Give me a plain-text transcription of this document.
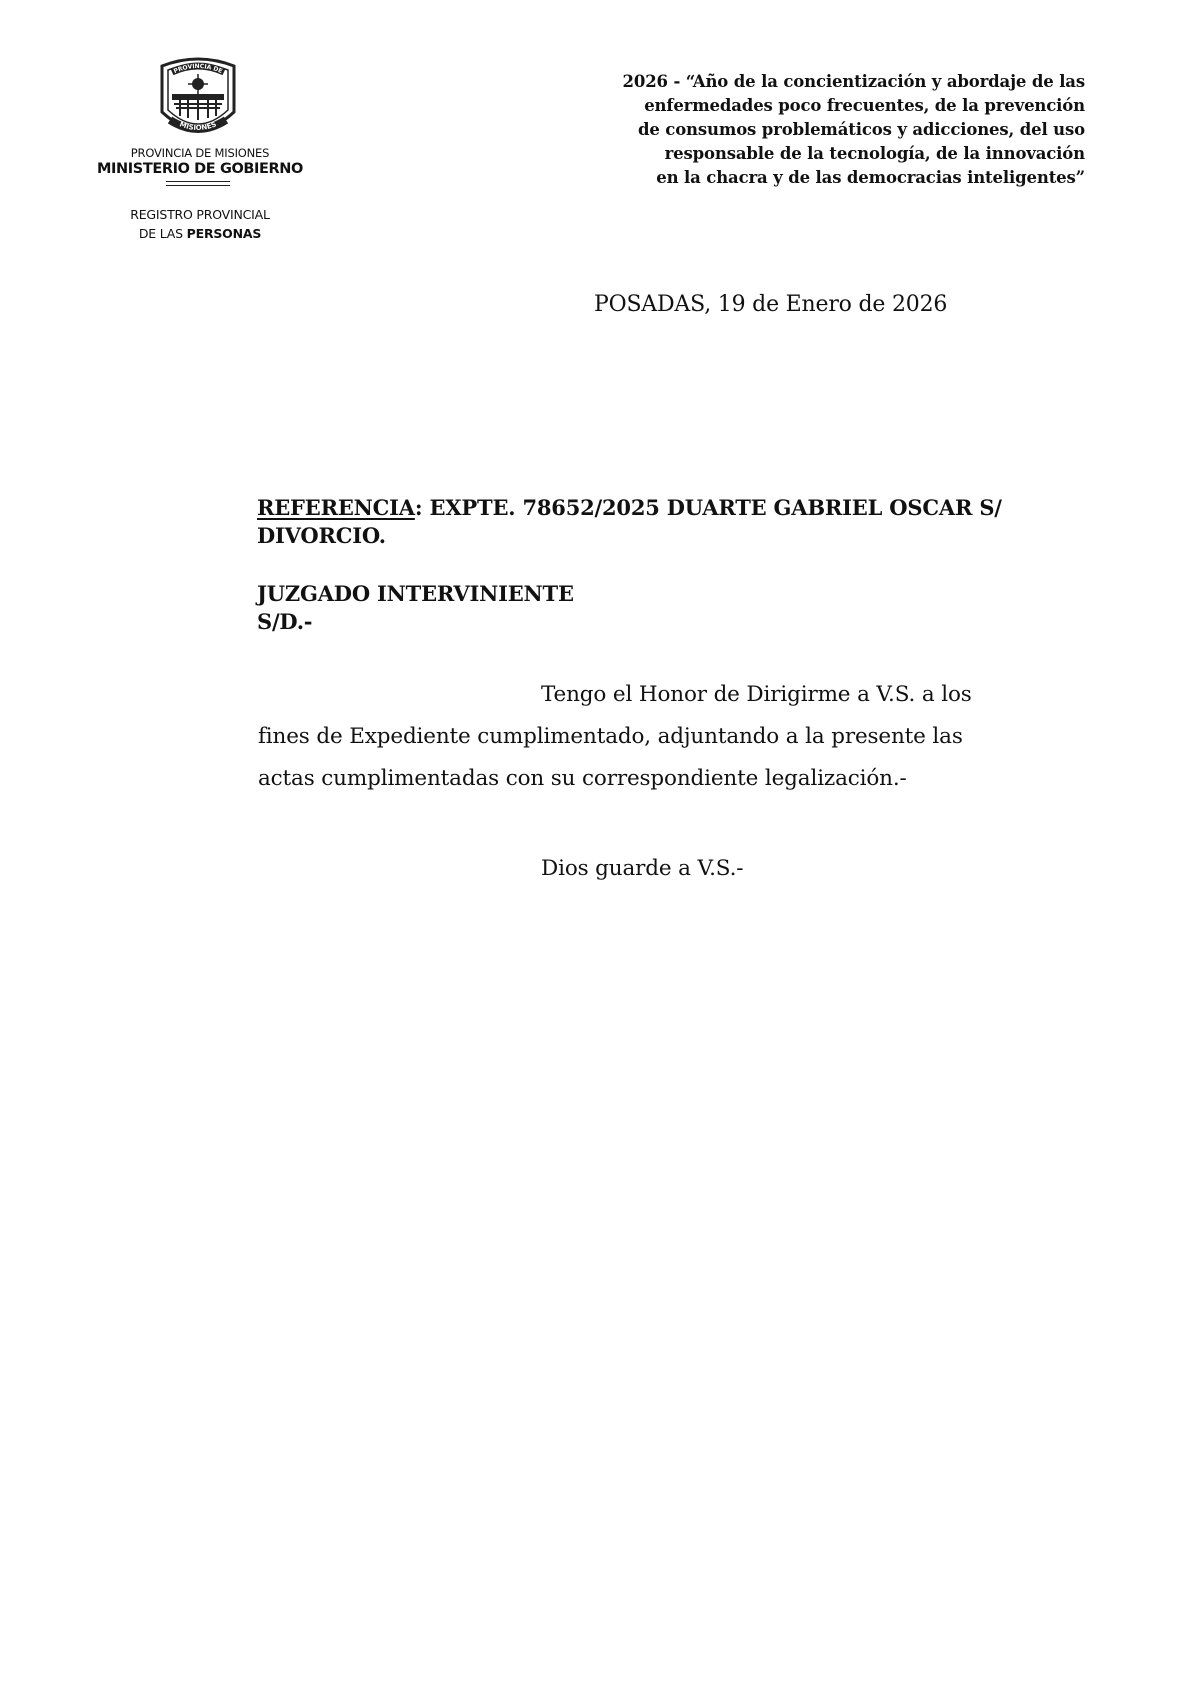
PROVINCIA DE
MISIONES
PROVINCIA DE MISIONES
MINISTERIO DE GOBIERNO
REGISTRO PROVINCIAL
DE LAS PERSONAS
2026 - “Año de la concientización y abordaje de las
enfermedades poco frecuentes, de la prevención
de consumos problemáticos y adicciones, del uso
responsable de la tecnología, de la innovación
en la chacra y de las democracias inteligentes”
POSADAS, 19 de Enero de 2026
REFERENCIA: EXPTE. 78652/2025 DUARTE GABRIEL OSCAR S/
DIVORCIO.
JUZGADO INTERVINIENTE
S/D.-
Tengo el Honor de Dirigirme a V.S. a los
fines de Expediente cumplimentado, adjuntando a la presente las
actas cumplimentadas con su correspondiente legalización.-
Dios guarde a V.S.-
